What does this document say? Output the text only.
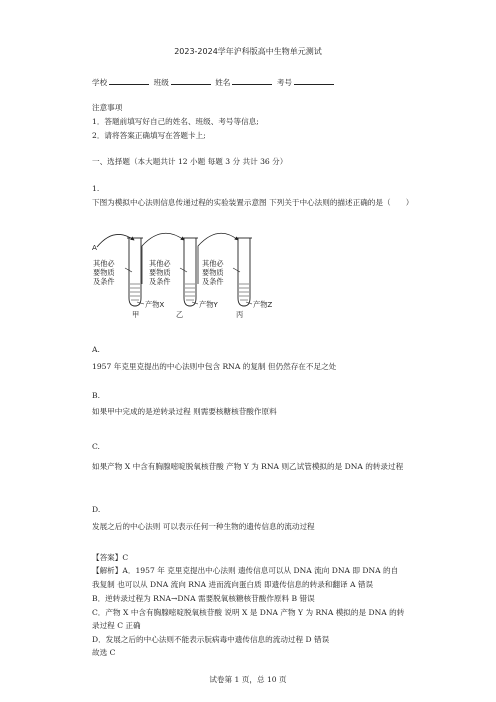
2023-2024学年沪科版高中生物单元测试
学校	班级	姓名	考号
注意事项
1．答题前填写好自己的姓名、班级、考号等信息;
2．请将答案正确填写在答题卡上;
一、选择题（本大题共计 12 小题 每题 3 分 共计 36 分）
1.
下图为模拟中心法则信息传递过程的实验装置示意图 下列关于中心法则的描述正确的是（　　）
A
其他必
要物质
及条件
其他必
要物质
及条件
其他必
要物质
及条件
产物X	产物Y	产物Z
甲	乙	丙
A.
1957 年克里克提出的中心法则中包含 RNA 的复制 但仍然存在不足之处
B.
如果甲中完成的是逆转录过程 则需要核糖核苷酸作原料
C.
如果产物 X 中含有胸腺嘧啶脱氧核苷酸 产物 Y 为 RNA 则乙试管模拟的是 DNA 的转录过程
D.
发展之后的中心法则 可以表示任何一种生物的遗传信息的流动过程
【答案】C
【解析】A．1957 年 克里克提出中心法则 遗传信息可以从 DNA 流向 DNA 即 DNA 的自
我复制 也可以从 DNA 流向 RNA 进而流向蛋白质 即遗传信息的转录和翻译 A 错误
B．逆转录过程为 RNA→DNA 需要脱氧核糖核苷酸作原料 B 错误
C．产物 X 中含有胸腺嘧啶脱氧核苷酸 说明 X 是 DNA 产物 Y 为 RNA 模拟的是 DNA 的转
录过程 C 正确
D．发展之后的中心法则不能表示朊病毒中遗传信息的流动过程 D 错误
故选 C
试卷第 1 页，总 10 页
